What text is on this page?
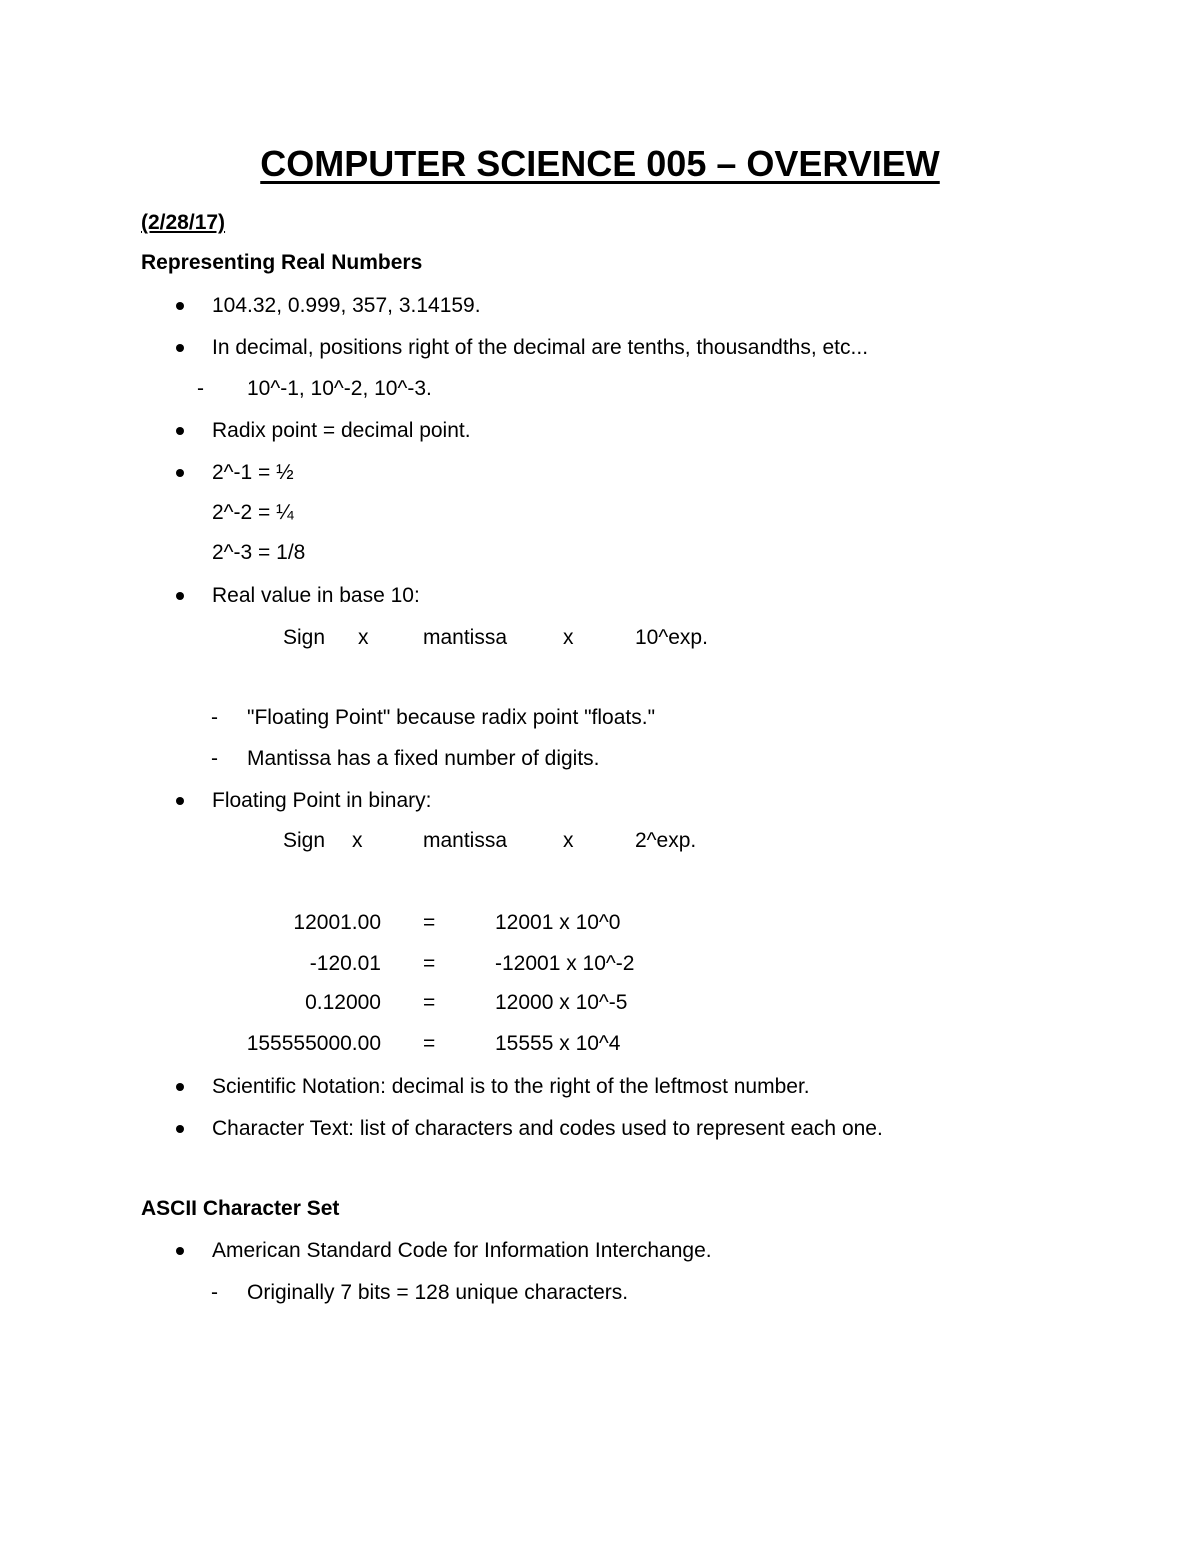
COMPUTER SCIENCE 005 – OVERVIEW
(2/28/17)
Representing Real Numbers
104.32, 0.999, 357, 3.14159.
In decimal, positions right of the decimal are tenths, thousandths, etc...
- 10^-1, 10^-2, 10^-3.
Radix point = decimal point.
2^-1 = ½
2^-2 = ¼
2^-3 = 1/8
Real value in base 10:
Sign x	mantissa	x	10^exp.
- "Floating Point" because radix point "floats."
- Mantissa has a fixed number of digits.
Floating Point in binary:
Sign x	mantissa	x	2^exp.
12001.00 =	12001 x 10^0
-120.01 =	-12001 x 10^-2
0.12000 =	12000 x 10^-5
155555000.00 =	15555 x 10^4
Scientific Notation: decimal is to the right of the leftmost number.
Character Text: list of characters and codes used to represent each one.
ASCII Character Set
American Standard Code for Information Interchange.
- Originally 7 bits = 128 unique characters.
